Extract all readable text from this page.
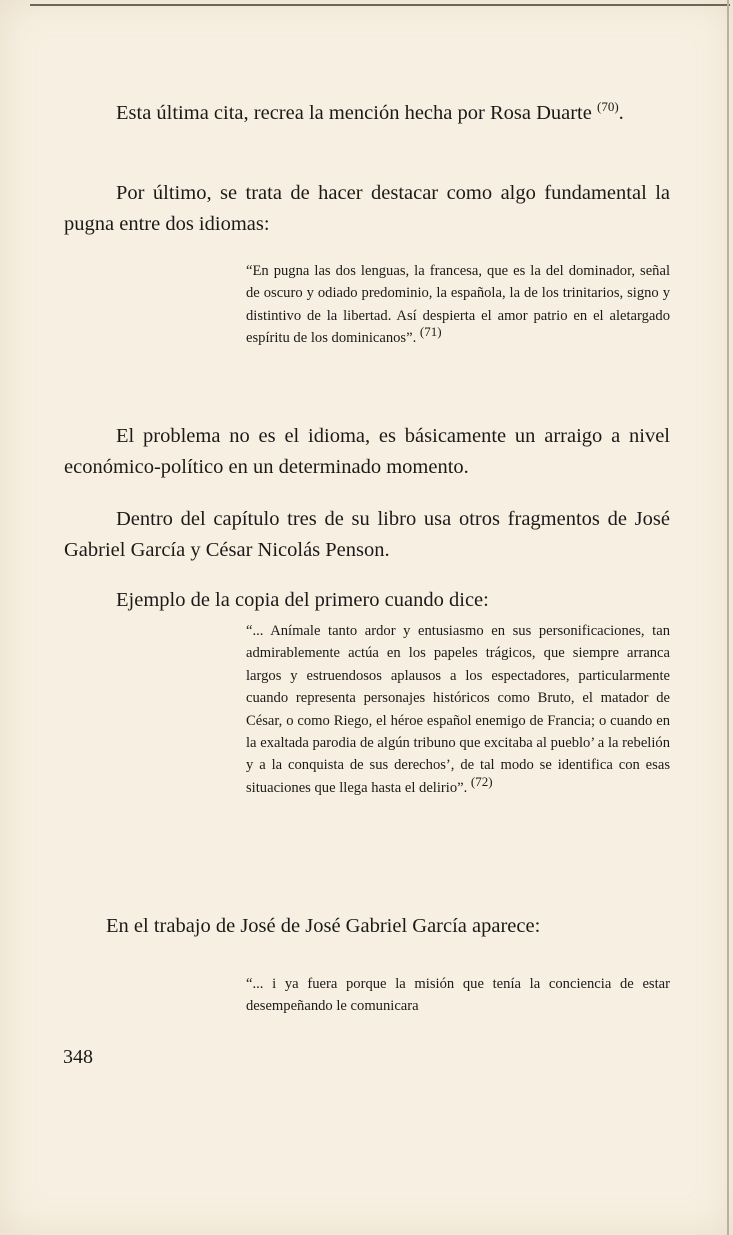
Esta última cita, recrea la mención hecha por Rosa Duarte $^{(70)}$.

Por último, se trata de hacer destacar como algo fundamental la pugna entre dos idiomas:

“En pugna las dos lenguas, la francesa, que es la del dominador, señal de oscuro y odiado predominio, la española, la de los trinitarios, signo y distintivo de la libertad. Así despierta el amor patrio en el aletargado espíritu de los dominicanos”. (71)

El problema no es el idioma, es básicamente un arraigo a nivel económico-político en un determinado momento.

Dentro del capítulo tres de su libro usa otros fragmentos de José Gabriel García y César Nicolás Penson.

Ejemplo de la copia del primero cuando dice:

“... Anímale tanto ardor y entusiasmo en sus personificaciones, tan admirablemente actúa en los papeles trágicos, que siempre arranca largos y estruendosos aplausos a los espectadores, particularmente cuando representa personajes históricos como Bruto, el matador de César, o como Riego, el héroe español enemigo de Francia; o cuando en la exaltada parodia de algún tribuno que excitaba al pueblo’ a la rebelión y a la conquista de sus derechos’, de tal modo se identifica con esas situaciones que llega hasta el delirio”. (72)

En el trabajo de José de José Gabriel García aparece:

“... i ya fuera porque la misión que tenía la conciencia de estar desempeñando le comunicara

348
